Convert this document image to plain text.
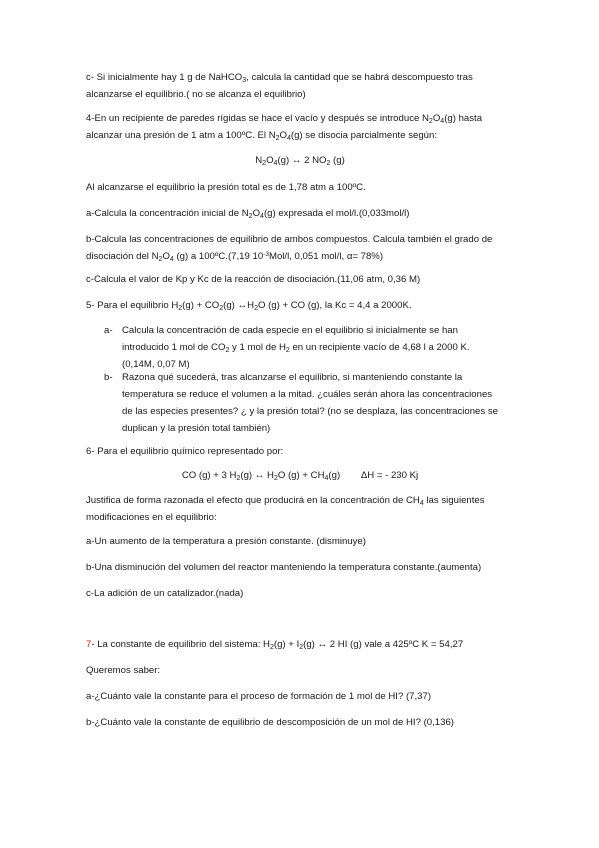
c- Si inicialmente hay 1 g de NaHCO$_3$, calcula la cantidad que se habrá descompuesto tras
alcanzarse el equilibrio.( no se alcanza el equilibrio)
4-En un recipiente de paredes rígidas se hace el vacío y después se introduce $N_2O_4(g)$ hasta
alcanzar una presión de 1 atm a 100ºC. El $N_2O_4(g)$ se disocia parcialmente según:
$N_2O_4(g)$ ↔ 2 $NO_2$ (g)
Al alcanzarse el equilibrio la presión total es de 1,78 atm a 100ºC.
a-Calcula la concentración inicial de $N_2O_4(g)$ expresada el mol/l.(0,033mol/l)
b-Calcula las concentraciones de equilibrio de ambos compuestos. Calcula también el grado de
disociación del $N_2O_4$ (g) a 100ºC.(7,19 $10^{-3}Mol/l$, 0,051 mol/l, α= 78%)
c-Calcula el valor de Kp y Kc de la reacción de disociación.(11,06 atm, 0,36 M)
5- Para el equilibrio $H_2(g) + CO_2(g)$ $\leftrightarrow H_2O$ (g) + CO (g), la Kc = 4,4 a 2000K.
a- Calcula la concentración de cada especie en el equilibrio si inicialmente se han
introducido 1 mol de $CO_2$ y 1 mol de $H_2$ en un recipiente vacío de 4,68 l a 2000 K.
(0,14M, 0,07 M)
b- Razona qué sucederá, tras alcanzarse el equilibrio, si manteniendo constante la
temperatura se reduce el volumen a la mitad. ¿cuáles serán ahora las concentraciones
de las especies presentes? ¿ y la presión total? (no se desplaza, las concentraciones se
duplican y la presión total también)
6- Para el equilibrio químico representado por:
CO (g) + 3 $H_2(g)$ ↔ $H_2O$ $(g) + CH_4(g) \Delta H$ = - 230 Kj
Justifica de forma razonada el efecto que producirá en la concentración de $CH_4$ las siguientes
modificaciones en el equilibrio:
a-Un aumento de la temperatura a presión constante. (disminuye)
b-Una disminución del volumen del reactor manteniendo la temperatura constante.(aumenta)
c-La adición de un catalizador.(nada)
7- La constante de equilibrio del sistema: $H_2(g) + I_2(g)$ ↔ 2 HI (g) vale a 425ºC K = 54,27
Queremos saber:
a-¿Cuánto vale la constante para el proceso de formación de 1 mol de HI? (7,37)
b-¿Cuánto vale la constante de equilibrio de descomposición de un mol de HI? (0,136)
